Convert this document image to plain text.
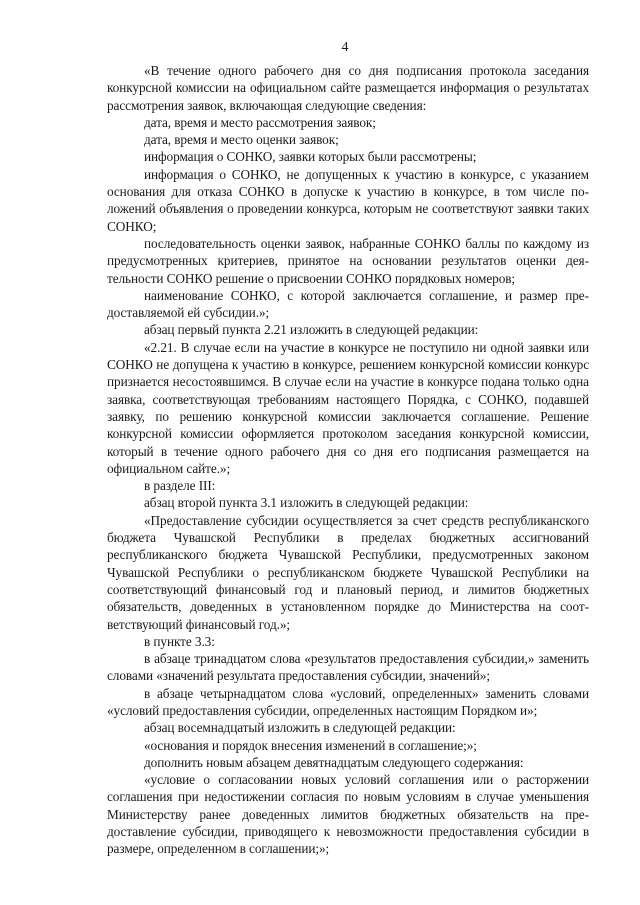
4

«В течение одного рабочего дня со дня подписания протокола заседания конкурсной комиссии на официальном сайте размещается информация о результатах рассмотрения заявок, включающая следующие сведения:

дата, время и место рассмотрения заявок;

дата, время и место оценки заявок;

информация о СОНКО, заявки которых были рассмотрены;

информация о СОНКО, не допущенных к участию в конкурсе, с указанием основания для отказа СОНКО в допуске к участию в конкурсе, в том числе положений объявления о проведении конкурса, которым не соответствуют заявки таких СОНКО;

последовательность оценки заявок, набранные СОНКО баллы по каждому из предусмотренных критериев, принятое на основании результатов оценки деятельности СОНКО решение о присвоении СОНКО порядковых номеров;

наименование СОНКО, с которой заключается соглашение, и размер предоставляемой ей субсидии.»;

абзац первый пункта 2.21 изложить в следующей редакции:

«2.21. В случае если на участие в конкурсе не поступило ни одной заявки или СОНКО не допущена к участию в конкурсе, решением конкурсной комиссии конкурс признается несостоявшимся. В случае если на участие в конкурсе подана только одна заявка, соответствующая требованиям настоящего Порядка, с СОНКО, подавшей заявку, по решению конкурсной комиссии заключается соглашение. Решение конкурсной комиссии оформляется протоколом заседания конкурсной комиссии, который в течение одного рабочего дня со дня его подписания размещается на официальном сайте.»;

в разделе III:

абзац второй пункта 3.1 изложить в следующей редакции:

«Предоставление субсидии осуществляется за счет средств республиканского бюджета Чувашской Республики в пределах бюджетных ассигнований республиканского бюджета Чувашской Республики, предусмотренных законом Чувашской Республики о республиканском бюджете Чувашской Республики на соответствующий финансовый год и плановый период, и лимитов бюджетных обязательств, доведенных в установленном порядке до Министерства на соответствующий финансовый год.»;

в пункте 3.3:

в абзаце тринадцатом слова «результатов предоставления субсидии,» заменить словами «значений результата предоставления субсидии, значений»;

в абзаце четырнадцатом слова «условий, определенных» заменить словами «условий предоставления субсидии, определенных настоящим Порядком и»;

абзац восемнадцатый изложить в следующей редакции:

«основания и порядок внесения изменений в соглашение;»;

дополнить новым абзацем девятнадцатым следующего содержания:

«условие о согласовании новых условий соглашения или о расторжении соглашения при недостижении согласия по новым условиям в случае уменьшения Министерству ранее доведенных лимитов бюджетных обязательств на предоставление субсидии, приводящего к невозможности предоставления субсидии в размере, определенном в соглашении;»;
